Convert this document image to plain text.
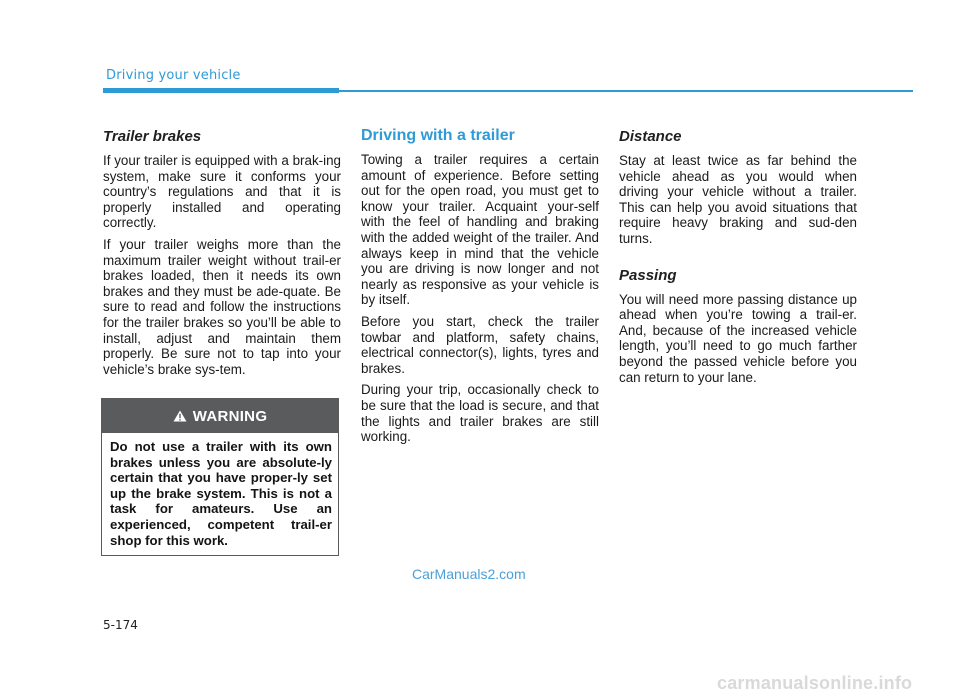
Driving your vehicle
Trailer brakes

If your trailer is equipped with a brak-ing system, make sure it conforms your country’s regulations and that it is properly installed and operating correctly.

If your trailer weighs more than the maximum trailer weight without trail-er brakes loaded, then it needs its own brakes and they must be ade-quate. Be sure to read and follow the instructions for the trailer brakes so you’ll be able to install, adjust and maintain them properly. Be sure not to tap into your vehicle’s brake sys-tem.

WARNING
Do not use a trailer with its own brakes unless you are absolute-ly certain that you have proper-ly set up the brake system. This is not a task for amateurs. Use an experienced, competent trail-er shop for this work.
Driving with a trailer

Towing a trailer requires a certain amount of experience. Before setting out for the open road, you must get to know your trailer. Acquaint your-self with the feel of handling and braking with the added weight of the trailer. And always keep in mind that the vehicle you are driving is now longer and not nearly as responsive as your vehicle is by itself.

Before you start, check the trailer towbar and platform, safety chains, electrical connector(s), lights, tyres and brakes.

During your trip, occasionally check to be sure that the load is secure, and that the lights and trailer brakes are still working.

Distance

Stay at least twice as far behind the vehicle ahead as you would when driving your vehicle without a trailer. This can help you avoid situations that require heavy braking and sud-den turns.

Passing

You will need more passing distance up ahead when you’re towing a trail-er. And, because of the increased vehicle length, you’ll need to go much farther beyond the passed vehicle before you can return to your lane.

CarManuals2.com
5-174
carmanualsonline.info
